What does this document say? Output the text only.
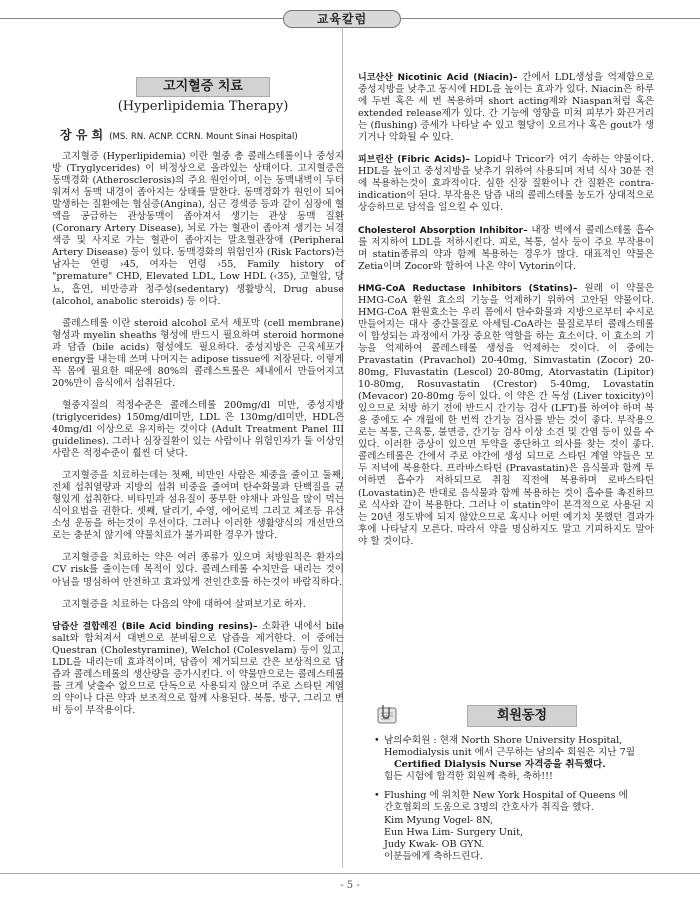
교육칼럼
고지혈증 치료
(Hyperlipidemia Therapy)
장 유 희 (MS. RN. ACNP. CCRN. Mount Sinai Hospital)

고지혈증 (Hyperlipidemia) 이란 혈중 총 콜레스테롤이나 중성지방 (Tryglycerides) 이 비정상으로 올라있는 상태이다. 고지혈증은 동맥경화 (Atherosclerosis)의 주요 원인이며, 이는 동맥내벽이 두터워져서 동맥 내경이 좁아지는 상태를 말한다. 동맥경화가 원인이 되어 발생하는 질환에는 협심증(Angina), 심근 경색증 등과 같이 심장에 혈액을 공급하는 관상동맥이 좁아져서 생기는 관상 동맥 질환 (Coronary Artery Disease), 뇌로 가는 혈관이 좁아져 생기는 뇌경색증 및 사지로 가는 혈관이 좁아지는 말초혈관장애 (Peripheral Artery Disease) 등이 있다. 동맥경화의 위험인자 (Risk Factors)는 남자는 연령 ›45, 여자는 연령 ›55, Family history of "premature" CHD, Elevated LDL, Low HDL (‹35), 고혈압, 당뇨, 흡연, 비만증과 정주성(sedentary) 생활방식, Drug abuse (alcohol, anabolic steroids) 등 이다.

콜레스테롤 이란 steroid alcohol 로서 세포막 (cell membrane) 형성과 myelin sheaths 형성에 반드시 필요하며 steroid hormone과 담즙 (bile acids) 형성에도 필요하다. 중성지방은 근육세포가 energy를 내는데 쓰며 나머지는 adipose tissue에 저장된다. 이렇게 꼭 몸에 필요한 때문에 80%의 콜레스트롤은 체내에서 만들어지고 20%만이 음식에서 섭취된다.

혈중지질의 적정수준은 콜레스테롤 200mg/dl 미만, 중성지방 (triglycerides) 150mg/dl미만, LDL 은 130mg/dl미만, HDL은 40mg/dl 이상으로 유지하는 것이다 (Adult Treatment Panel III guidelines). 그러나 심장질환이 있는 사람이나 위험인자가 둘 이상인 사람은 적정수준이 훨씬 더 낮다.

고지혈증을 치료하는데는 첫째, 비만인 사람은 체중을 줄이고 둘째, 전체 섭취열량과 지방의 섭취 비중을 줄여며 탄수화물과 단백질을 균형있게 섭취한다. 비타민과 섬유질이 풍부한 야채나 과일을 많이 먹는 식이요법을 권한다. 셋째, 달리기, 수영, 에어로빅 그리고 체조등 유산소성 운동을 하는것이 우선이다. 그러나 이러한 생활양식의 개선만으로는 충분치 않기에 약물치료가 불가피한 경우가 많다.

고지혈증을 치료하는 약은 여러 종류가 있으며 처방원칙은 환자의 CV risk를 줄이는데 목적이 있다. 콜레스테롤 수치만을 내리는 것이 아님을 명심하여 안전하고 효과있게 전인간호를 하는것이 바람직하다.

고지혈증을 치료하는 다음의 약에 대하여 살펴보기로 하자.

담즙산 결합레진 (Bile Acid binding resins)– 소화관 내에서 bile salt와 합쳐져서 대변으로 분비됨으로 담즙을 제거한다. 이 중에는 Questran (Cholestyramine), Welchol (Colesvelam) 등이 있고, LDL을 내리는데 효과적이며, 담즙이 제거되므로 간은 보상적으로 담즙과 콜레스테롤의 생산량을 증가시킨다. 이 약물만으로는 콜레스테롤를 크게 낮출수 없으므로 단독으로 사용되지 않으며 주로 스타틴 계열의 약이나 다른 약과 보조적으로 함께 사용된다. 복통, 방구, 그리고 변비 등이 부작용이다.

니코산산 Nicotinic Acid (Niacin)– 간에서 LDL생성을 억제함으로 중성지방을 낮추고 동시에 HDL을 높이는 효과가 있다. Niacin은 하루에 두번 혹은 세 번 복용하며 short acting제와 Niaspan처럼 혹은 extended release제가 있다. 간 기능에 영향을 미쳐 피부가 화끈거리는 (flushing) 증세가 나타날 수 있고 혈당이 오르거나 혹은 gout가 생기거나 악화될 수 있다.

피브린산 (Fibric Acids)– Lopid나 Tricor가 여기 속하는 약물이다. HDL을 높이고 중성지방을 낮추기 위하여 사용되며 저녁 식사 30분 전에 복용하는것이 효과적이다. 심한 신장 질환이나 간 질환은 contra-indication이 된다. 부작용은 담즙 내의 콜레스테롤 농도가 상대적으로 상승하므로 담석을 일으킬 수 있다.

Cholesterol Absorption Inhibitor– 내장 벽에서 콜레스테롤 흡수를 저지하여 LDL을 저하시킨다. 피로, 복통, 설사 등이 주요 부작용이며 statin종류의 약과 함께 복용하는 경우가 많다. 대표적인 약물은 Zetia이며 Zocor와 합하여 나온 약이 Vytorin이다.

HMG-CoA Reductase Inhibitors (Statins)– 원래 이 약물은 HMG-CoA 환원 효소의 기능을 억제하기 위하여 고안된 약물이다. HMG-CoA 환원효소는 우리 몸에서 탄수화물과 지방으로부터 수시로 만들어지는 대사 중간물질로 아세틸-CoA라는 물질로부터 콜레스테롤이 합성되는 과정에서 가장 중요한 역할을 하는 효소이다. 이 효소의 기능을 억제하여 콜레스테롤 생성을 억제하는 것이다. 이 중에는Pravastatin (Pravachol) 20-40mg, Simvastatin (Zocor) 20-80mg, Fluvastatin (Lescol) 20-80mg, Atorvastatin (Lipitor) 10-80mg, Rosuvastatin (Crestor) 5-40mg, Lovastatin (Mevacor) 20-80mg 등이 있다. 이 약은 간 독성 (Liver toxicity)이 있으므로 처방 하기 전에 반드시 간기능 검사 (LFT)를 하여야 하며 복용 중에도 수 개월에 한 번씩 간기능 검사를 받는 것이 좋다. 부작용으로는 복통, 근육통, 불면증, 간기능 검사 이상 소견 및 간염 등이 있을 수 있다. 이러한 증상이 있으면 투약을 중단하고 의사를 찾는 것이 좋다. 콜레스테롤은 간에서 주로 야간에 생성 되므로 스타틴 계열 약들은 모두 저녁에 복용한다. 프라바스타틴 (Pravastatin)은 음식물과 함께 투여하면 흡수가 저하되므로 취침 직전에 복용하며 로바스타틴 (Lovastatin)은 반대로 음식물과 함께 복용하는 것이 흡수를 촉진하므로 식사와 같이 복용한다. 그러나 이 statin약이 본격적으로 사용된 지는 20년 정도밖에 되지 않았으므로 혹시나 어떤 예기치 못했던 결과가 후에 나타날지 모른다. 따라서 약을 명심하지도 말고 기피하지도 말아야 할 것이다.

회원동정
• 남의수회원 : 현재 North Shore University Hospital,
Hemodialysis unit 에서 근무하는 남의수 회원은 지난 7월
Certified Dialysis Nurse 자격증을 취득했다.
힘든 시험에 합격한 회원께 축하, 축하!!!
• Flushing 에 위치한 New York Hospital of Queens 에
간호협회의 도움으로 3명의 간호사가 취직을 했다.
Kim Myung Vogel- 8N,
Eun Hwa Lim- Surgery Unit,
Judy Kwak- OB GYN.
이분들에게 축하드린다.
- 5 -
